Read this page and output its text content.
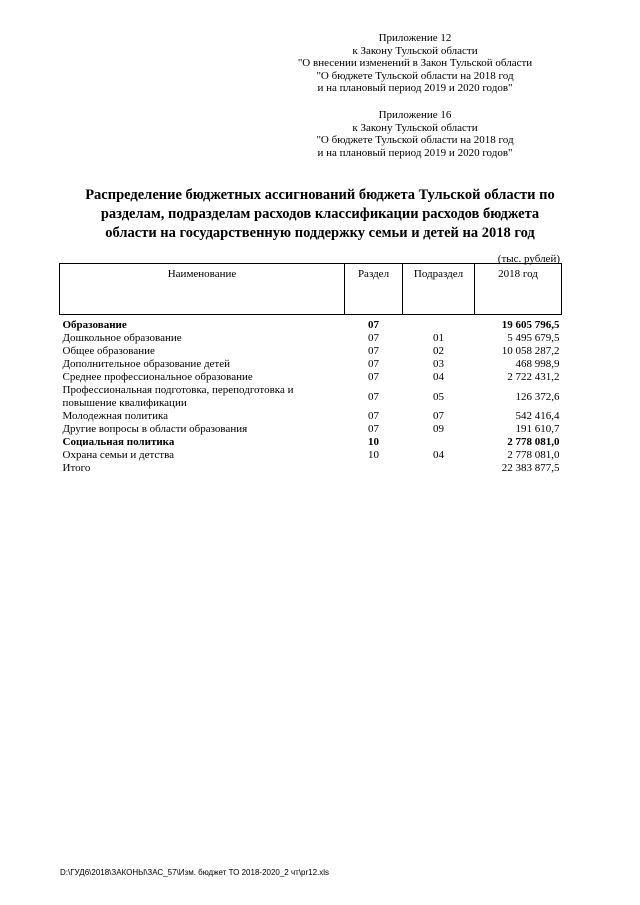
Приложение 12
к Закону Тульской области
"О внесении изменений в Закон Тульской области
"О бюджете Тульской области на 2018 год
и на плановый период 2019 и 2020 годов"
Приложение 16
к Закону Тульской области
"О бюджете Тульской области на 2018 год
и на плановый период 2019 и 2020 годов"
Распределение бюджетных ассигнований бюджета Тульской области по
разделам, подразделам расходов классификации расходов бюджета
области на государственную поддержку семьи и детей на 2018 год
(тыс. рублей)
Наименование	Раздел	Подраздел	2018 год
Образование	07		19 605 796,5
Дошкольное образование	07	01	5 495 679,5
Общее образование	07	02	10 058 287,2
Дополнительное образование детей	07	03	468 998,9
Среднее профессиональное образование	07	04	2 722 431,2
Профессиональная подготовка, переподготовка и повышение квалификации	07	05	126 372,6
Молодежная политика	07	07	542 416,4
Другие вопросы в области образования	07	09	191 610,7
Социальная политика	10		2 778 081,0
Охрана семьи и детства	10	04	2 778 081,0
Итого			22 383 877,5
D:\ГУД6\2018\ЗАКОНЫ\ЗАС_57\Изм. бюджет ТО 2018-2020_2 чт\pr12.xls
